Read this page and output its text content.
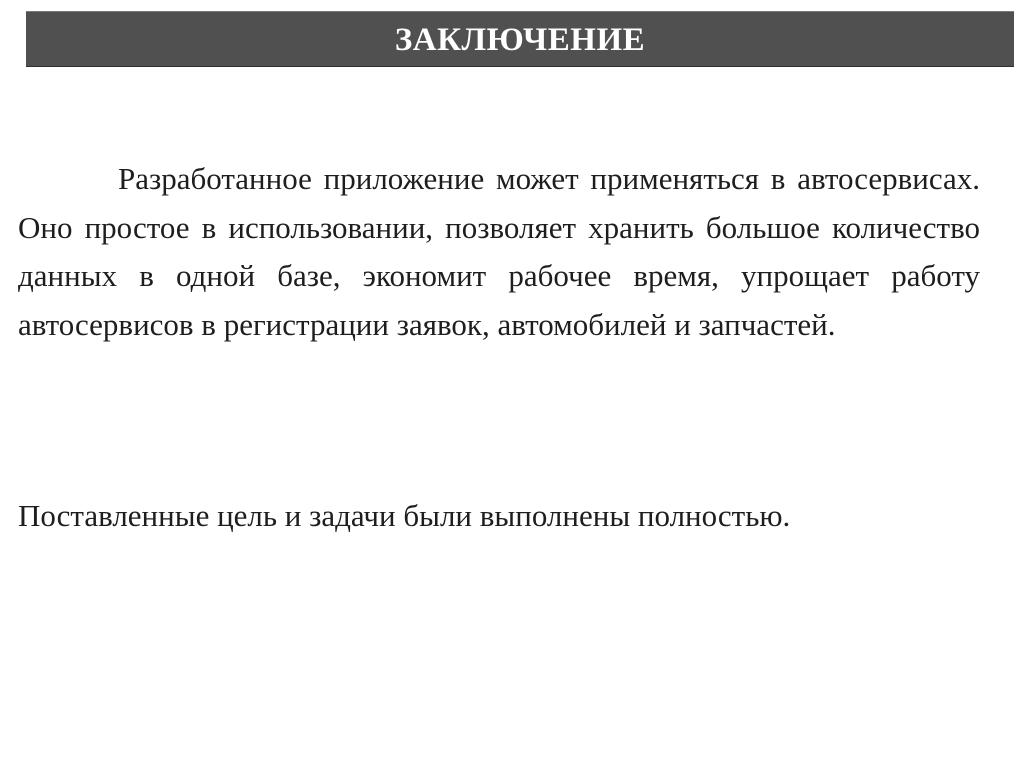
ЗАКЛЮЧЕНИЕ

Разработанное приложение может применяться в автосервисах. Оно простое в использовании, позволяет хранить большое количество данных в одной базе, экономит рабочее время, упрощает работу автосервисов в регистрации заявок, автомобилей и запчастей.

Поставленные цель и задачи были выполнены полностью.
